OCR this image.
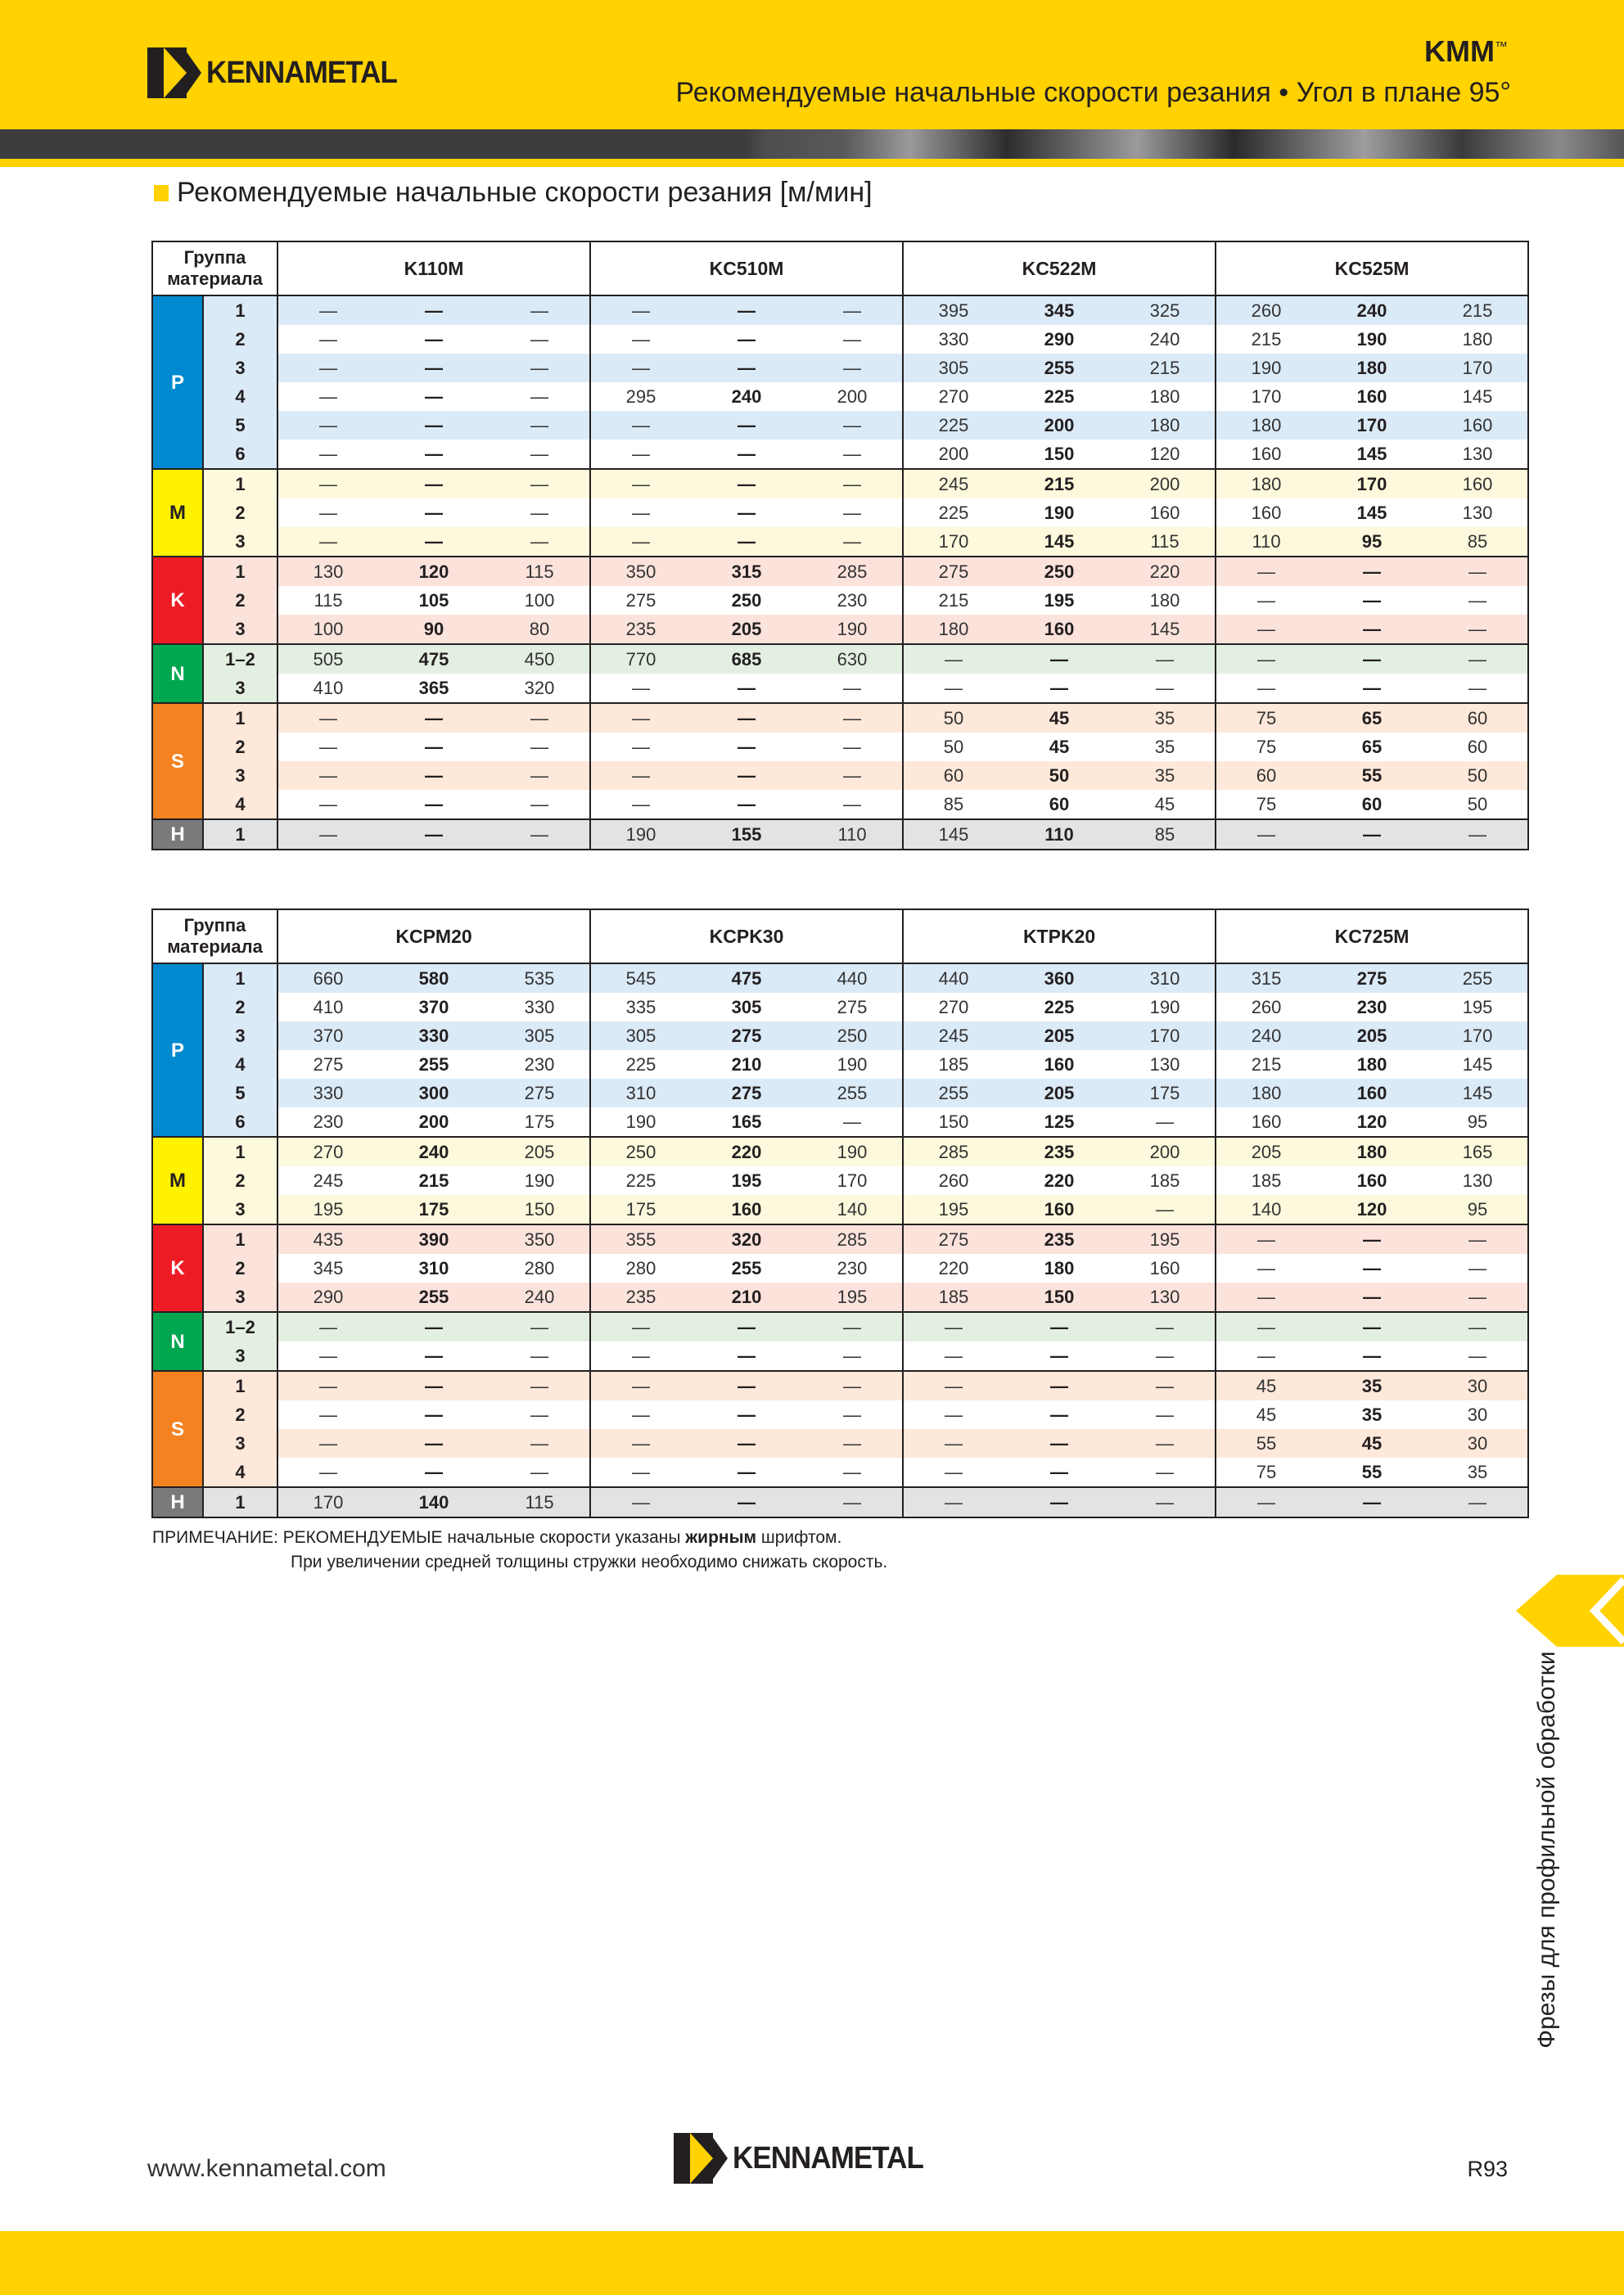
KENNAMETAL
KMM™
Рекомендуемые начальные скорости резания • Угол в плане 95°
Рекомендуемые начальные скорости резания [м/мин]
Группа
материала		K110M			KC510M			KC522M			KC525M		
P	1	—	—	—	—	—	—	395	345	325	260	240	215
	2	—	—	—	—	—	—	330	290	240	215	190	180
	3	—	—	—	—	—	—	305	255	215	190	180	170
	4	—	—	—	295	240	200	270	225	180	170	160	145
	5	—	—	—	—	—	—	225	200	180	180	170	160
	6	—	—	—	—	—	—	200	150	120	160	145	130
M	1	—	—	—	—	—	—	245	215	200	180	170	160
	2	—	—	—	—	—	—	225	190	160	160	145	130
	3	—	—	—	—	—	—	170	145	115	110	95	85
K	1	130	120	115	350	315	285	275	250	220	—	—	—
	2	115	105	100	275	250	230	215	195	180	—	—	—
	3	100	90	80	235	205	190	180	160	145	—	—	—
N	1–2	505	475	450	770	685	630	—	—	—	—	—	—
	3	410	365	320	—	—	—	—	—	—	—	—	—
S	1	—	—	—	—	—	—	50	45	35	75	65	60
	2	—	—	—	—	—	—	50	45	35	75	65	60
	3	—	—	—	—	—	—	60	50	35	60	55	50
	4	—	—	—	—	—	—	85	60	45	75	60	50
H	1	—	—	—	190	155	110	145	110	85	—	—	—
Группа
материала		KCPM20			KCPK30			KTPK20			KC725M		
P	1	660	580	535	545	475	440	440	360	310	315	275	255
	2	410	370	330	335	305	275	270	225	190	260	230	195
	3	370	330	305	305	275	250	245	205	170	240	205	170
	4	275	255	230	225	210	190	185	160	130	215	180	145
	5	330	300	275	310	275	255	255	205	175	180	160	145
	6	230	200	175	190	165	—	150	125	—	160	120	95
M	1	270	240	205	250	220	190	285	235	200	205	180	165
	2	245	215	190	225	195	170	260	220	185	185	160	130
	3	195	175	150	175	160	140	195	160	—	140	120	95
K	1	435	390	350	355	320	285	275	235	195	—	—	—
	2	345	310	280	280	255	230	220	180	160	—	—	—
	3	290	255	240	235	210	195	185	150	130	—	—	—
N	1–2	—	—	—	—	—	—	—	—	—	—	—	—
	3	—	—	—	—	—	—	—	—	—	—	—	—
S	1	—	—	—	—	—	—	—	—	—	45	35	30
	2	—	—	—	—	—	—	—	—	—	45	35	30
	3	—	—	—	—	—	—	—	—	—	55	45	30
	4	—	—	—	—	—	—	—	—	—	75	55	35
H	1	170	140	115	—	—	—	—	—	—	—	—	—
ПРИМЕЧАНИЕ: РЕКОМЕНДУЕМЫЕ начальные скорости указаны жирным шрифтом.
При увеличении средней толщины стружки необходимо снижать скорость.
Фрезы для профильной обработки
www.kennametal.com	KENNAMETAL	R93
